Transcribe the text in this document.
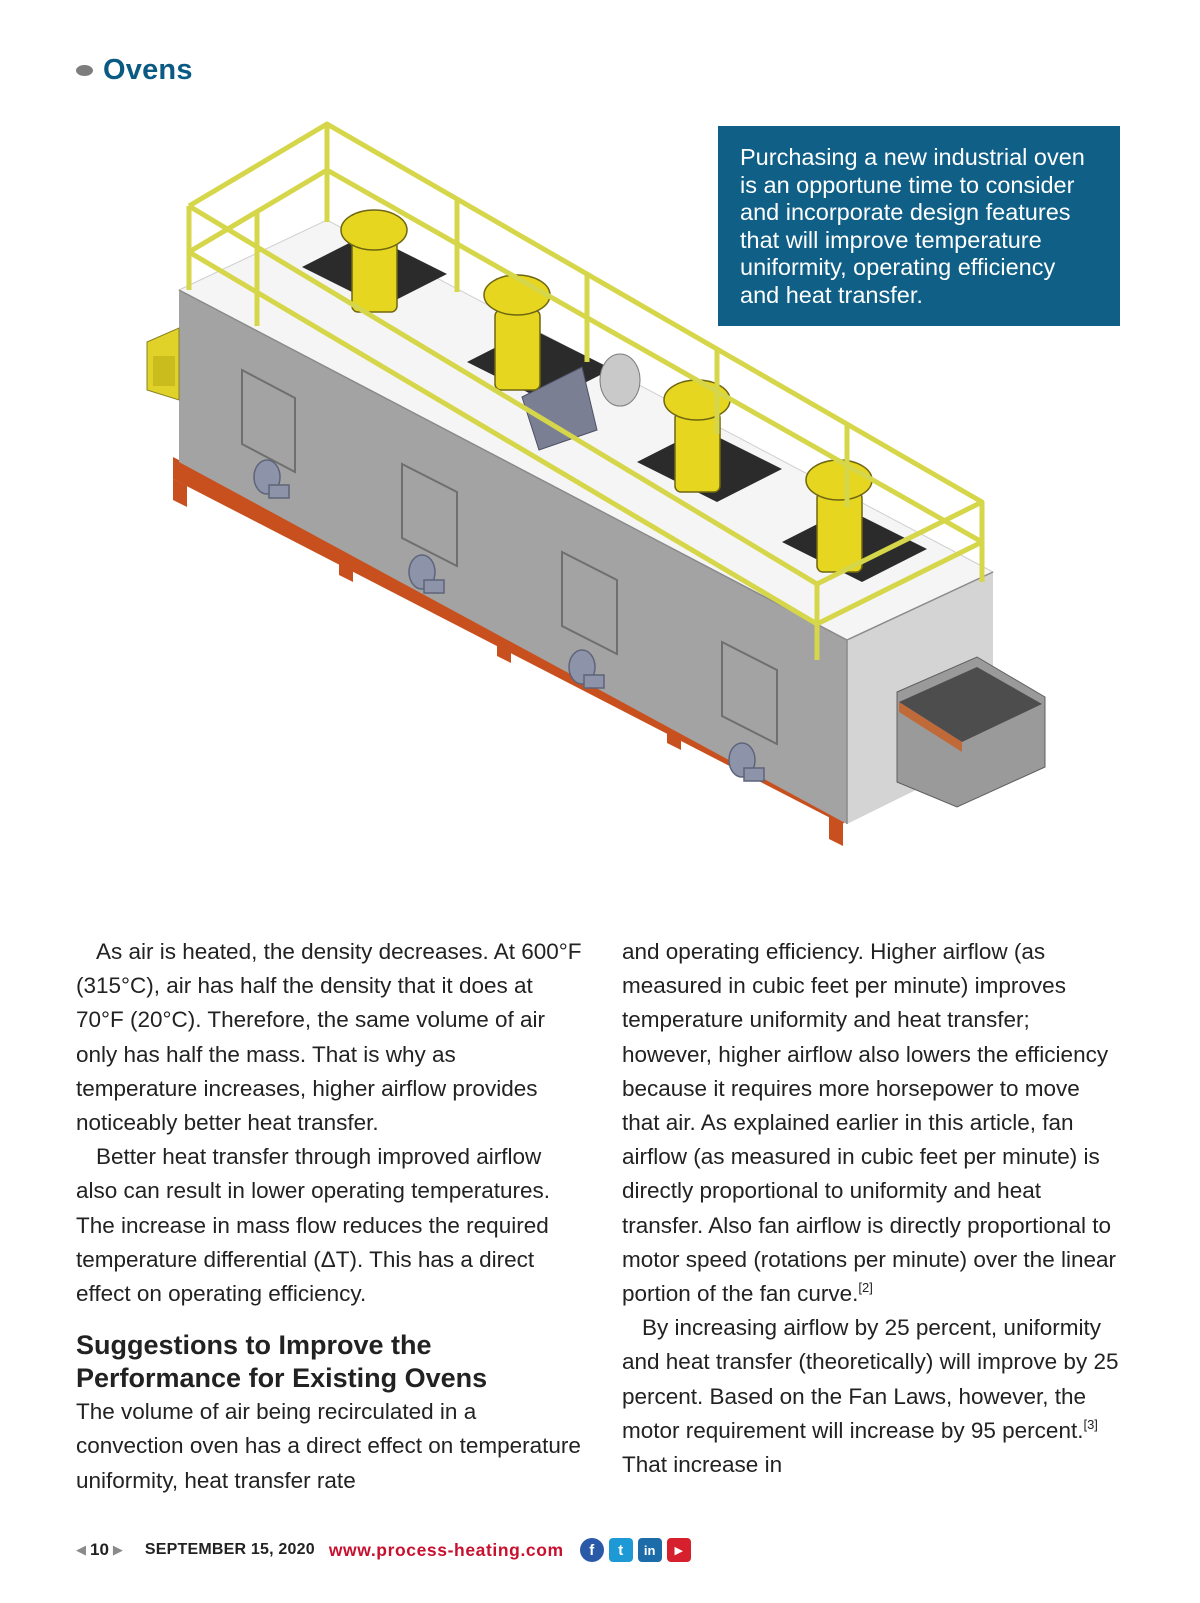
Ovens
Purchasing a new industrial oven is an opportune time to consider and incorporate design features that will improve temperature uniformity, operating efficiency and heat transfer.

As air is heated, the density decreases. At 600°F (315°C), air has half the density that it does at 70°F (20°C). Therefore, the same volume of air only has half the mass. That is why as temperature increases, higher airflow provides noticeably better heat transfer.

Better heat transfer through improved airflow also can result in lower operating temperatures. The increase in mass flow reduces the required temperature differential (ΔT). This has a direct effect on operating efficiency.

Suggestions to Improve the Performance for Existing Ovens

The volume of air being recirculated in a convection oven has a direct effect on temperature uniformity, heat transfer rate

and operating efficiency. Higher airflow (as measured in cubic feet per minute) improves temperature uniformity and heat transfer; however, higher airflow also lowers the efficiency because it requires more horsepower to move that air. As explained earlier in this article, fan airflow (as measured in cubic feet per minute) is directly proportional to uniformity and heat transfer. Also fan airflow is directly proportional to motor speed (rotations per minute) over the linear portion of the fan curve.[2]

By increasing airflow by 25 percent, uniformity and heat transfer (theoretically) will improve by 25 percent. Based on the Fan Laws, however, the motor requirement will increase by 95 percent.[3] That increase in

◀ 10 ▶ SEPTEMBER 15, 2020 www.process-heating.com	f	t	in	▶
